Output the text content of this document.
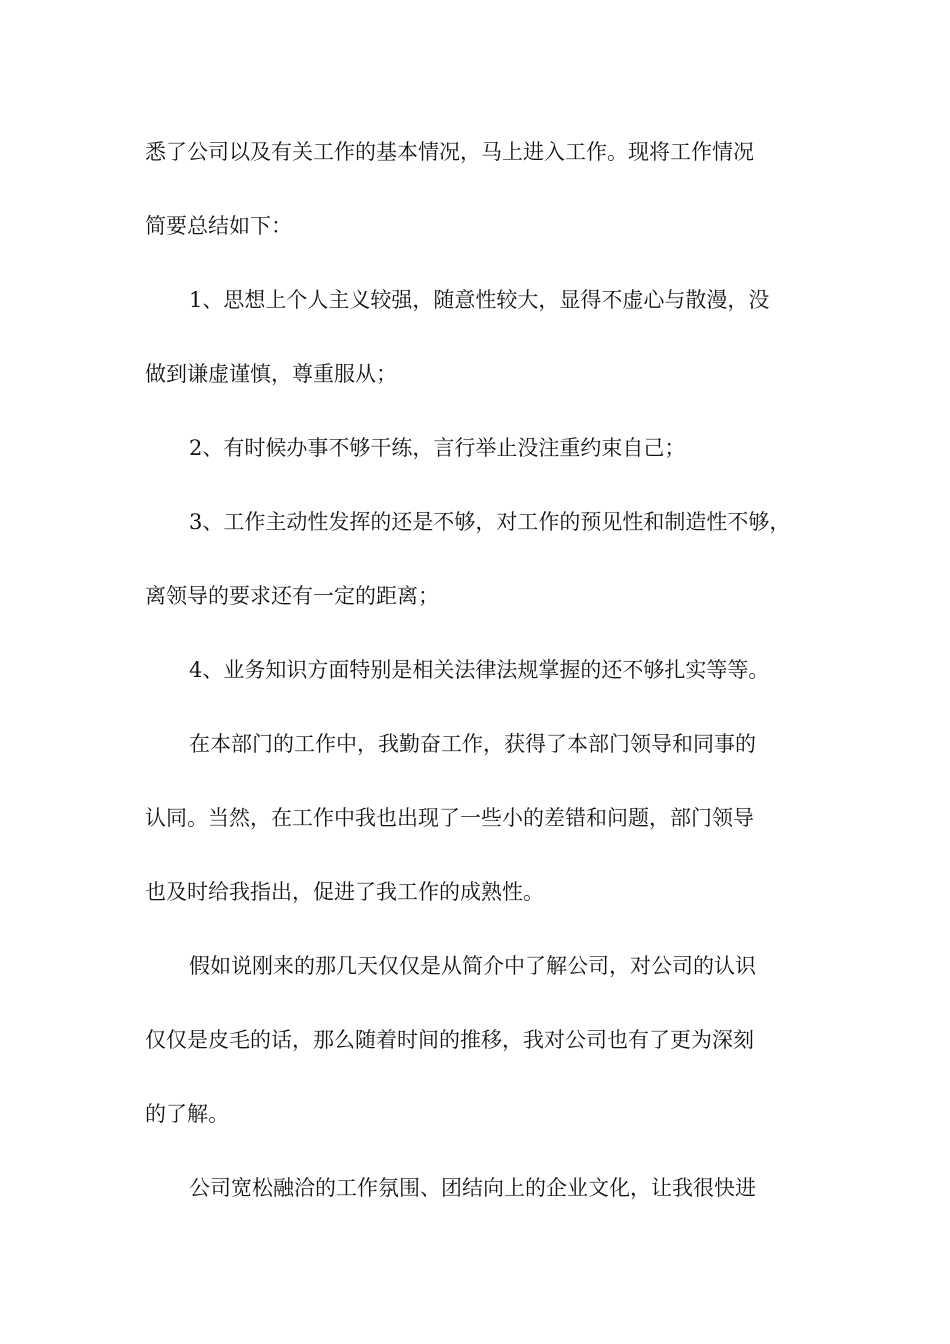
悉了公司以及有关工作的基本情况，马上进入工作。现将工作情况
简要总结如下：
1、思想上个人主义较强，随意性较大，显得不虚心与散漫，没
做到谦虚谨慎，尊重服从；
2、有时候办事不够干练，言行举止没注重约束自己；
3、工作主动性发挥的还是不够，对工作的预见性和制造性不够，
离领导的要求还有一定的距离；
4、业务知识方面特别是相关法律法规掌握的还不够扎实等等。
在本部门的工作中，我勤奋工作，获得了本部门领导和同事的
认同。当然，在工作中我也出现了一些小的差错和问题，部门领导
也及时给我指出，促进了我工作的成熟性。
假如说刚来的那几天仅仅是从简介中了解公司，对公司的认识
仅仅是皮毛的话，那么随着时间的推移，我对公司也有了更为深刻
的了解。
公司宽松融洽的工作氛围、团结向上的企业文化，让我很快进
